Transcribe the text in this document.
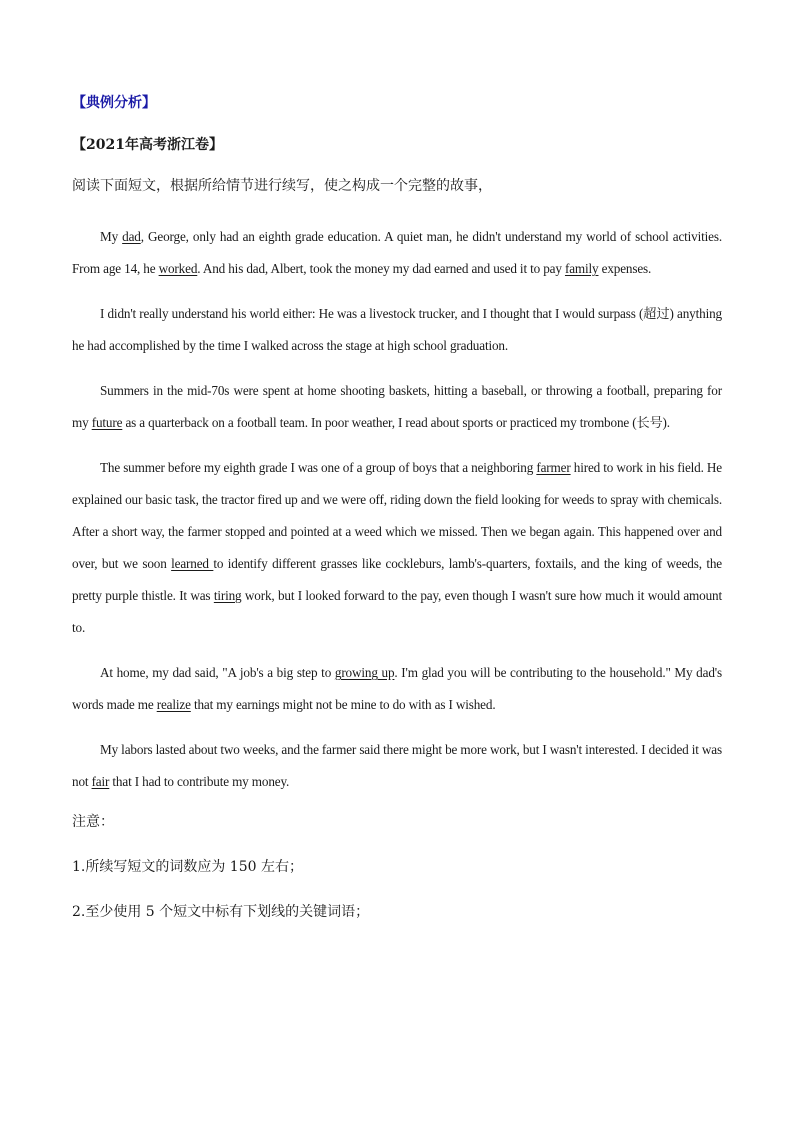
【典例分析】
【2021年高考浙江卷】
阅读下面短文，根据所给情节进行续写，使之构成一个完整的故事，

My dad, George, only had an eighth grade education. A quiet man, he didn't understand my world of school activities. From age 14, he worked. And his dad, Albert, took the money my dad earned and used it to pay family expenses.

I didn't really understand his world either: He was a livestock trucker, and I thought that I would surpass (超过) anything he had accomplished by the time I walked across the stage at high school graduation.

Summers in the mid-70s were spent at home shooting baskets, hitting a baseball, or throwing a football, preparing for my future as a quarterback on a football team. In poor weather, I read about sports or practiced my trombone (长号).

The summer before my eighth grade I was one of a group of boys that a neighboring farmer hired to work in his field. He explained our basic task, the tractor fired up and we were off, riding down the field looking for weeds to spray with chemicals. After a short way, the farmer stopped and pointed at a weed which we missed. Then we began again. This happened over and over, but we soon learned to identify different grasses like cockleburs, lamb's-quarters, foxtails, and the king of weeds, the pretty purple thistle. It was tiring work, but I looked forward to the pay, even though I wasn't sure how much it would amount to.

At home, my dad said, "A job's a big step to growing up. I'm glad you will be contributing to the household." My dad's words made me realize that my earnings might not be mine to do with as I wished.

My labors lasted about two weeks, and the farmer said there might be more work, but I wasn't interested. I decided it was not fair that I had to contribute my money.

注意：
1.所续写短文的词数应为 150 左右；
2.至少使用 5 个短文中标有下划线的关键词语；
